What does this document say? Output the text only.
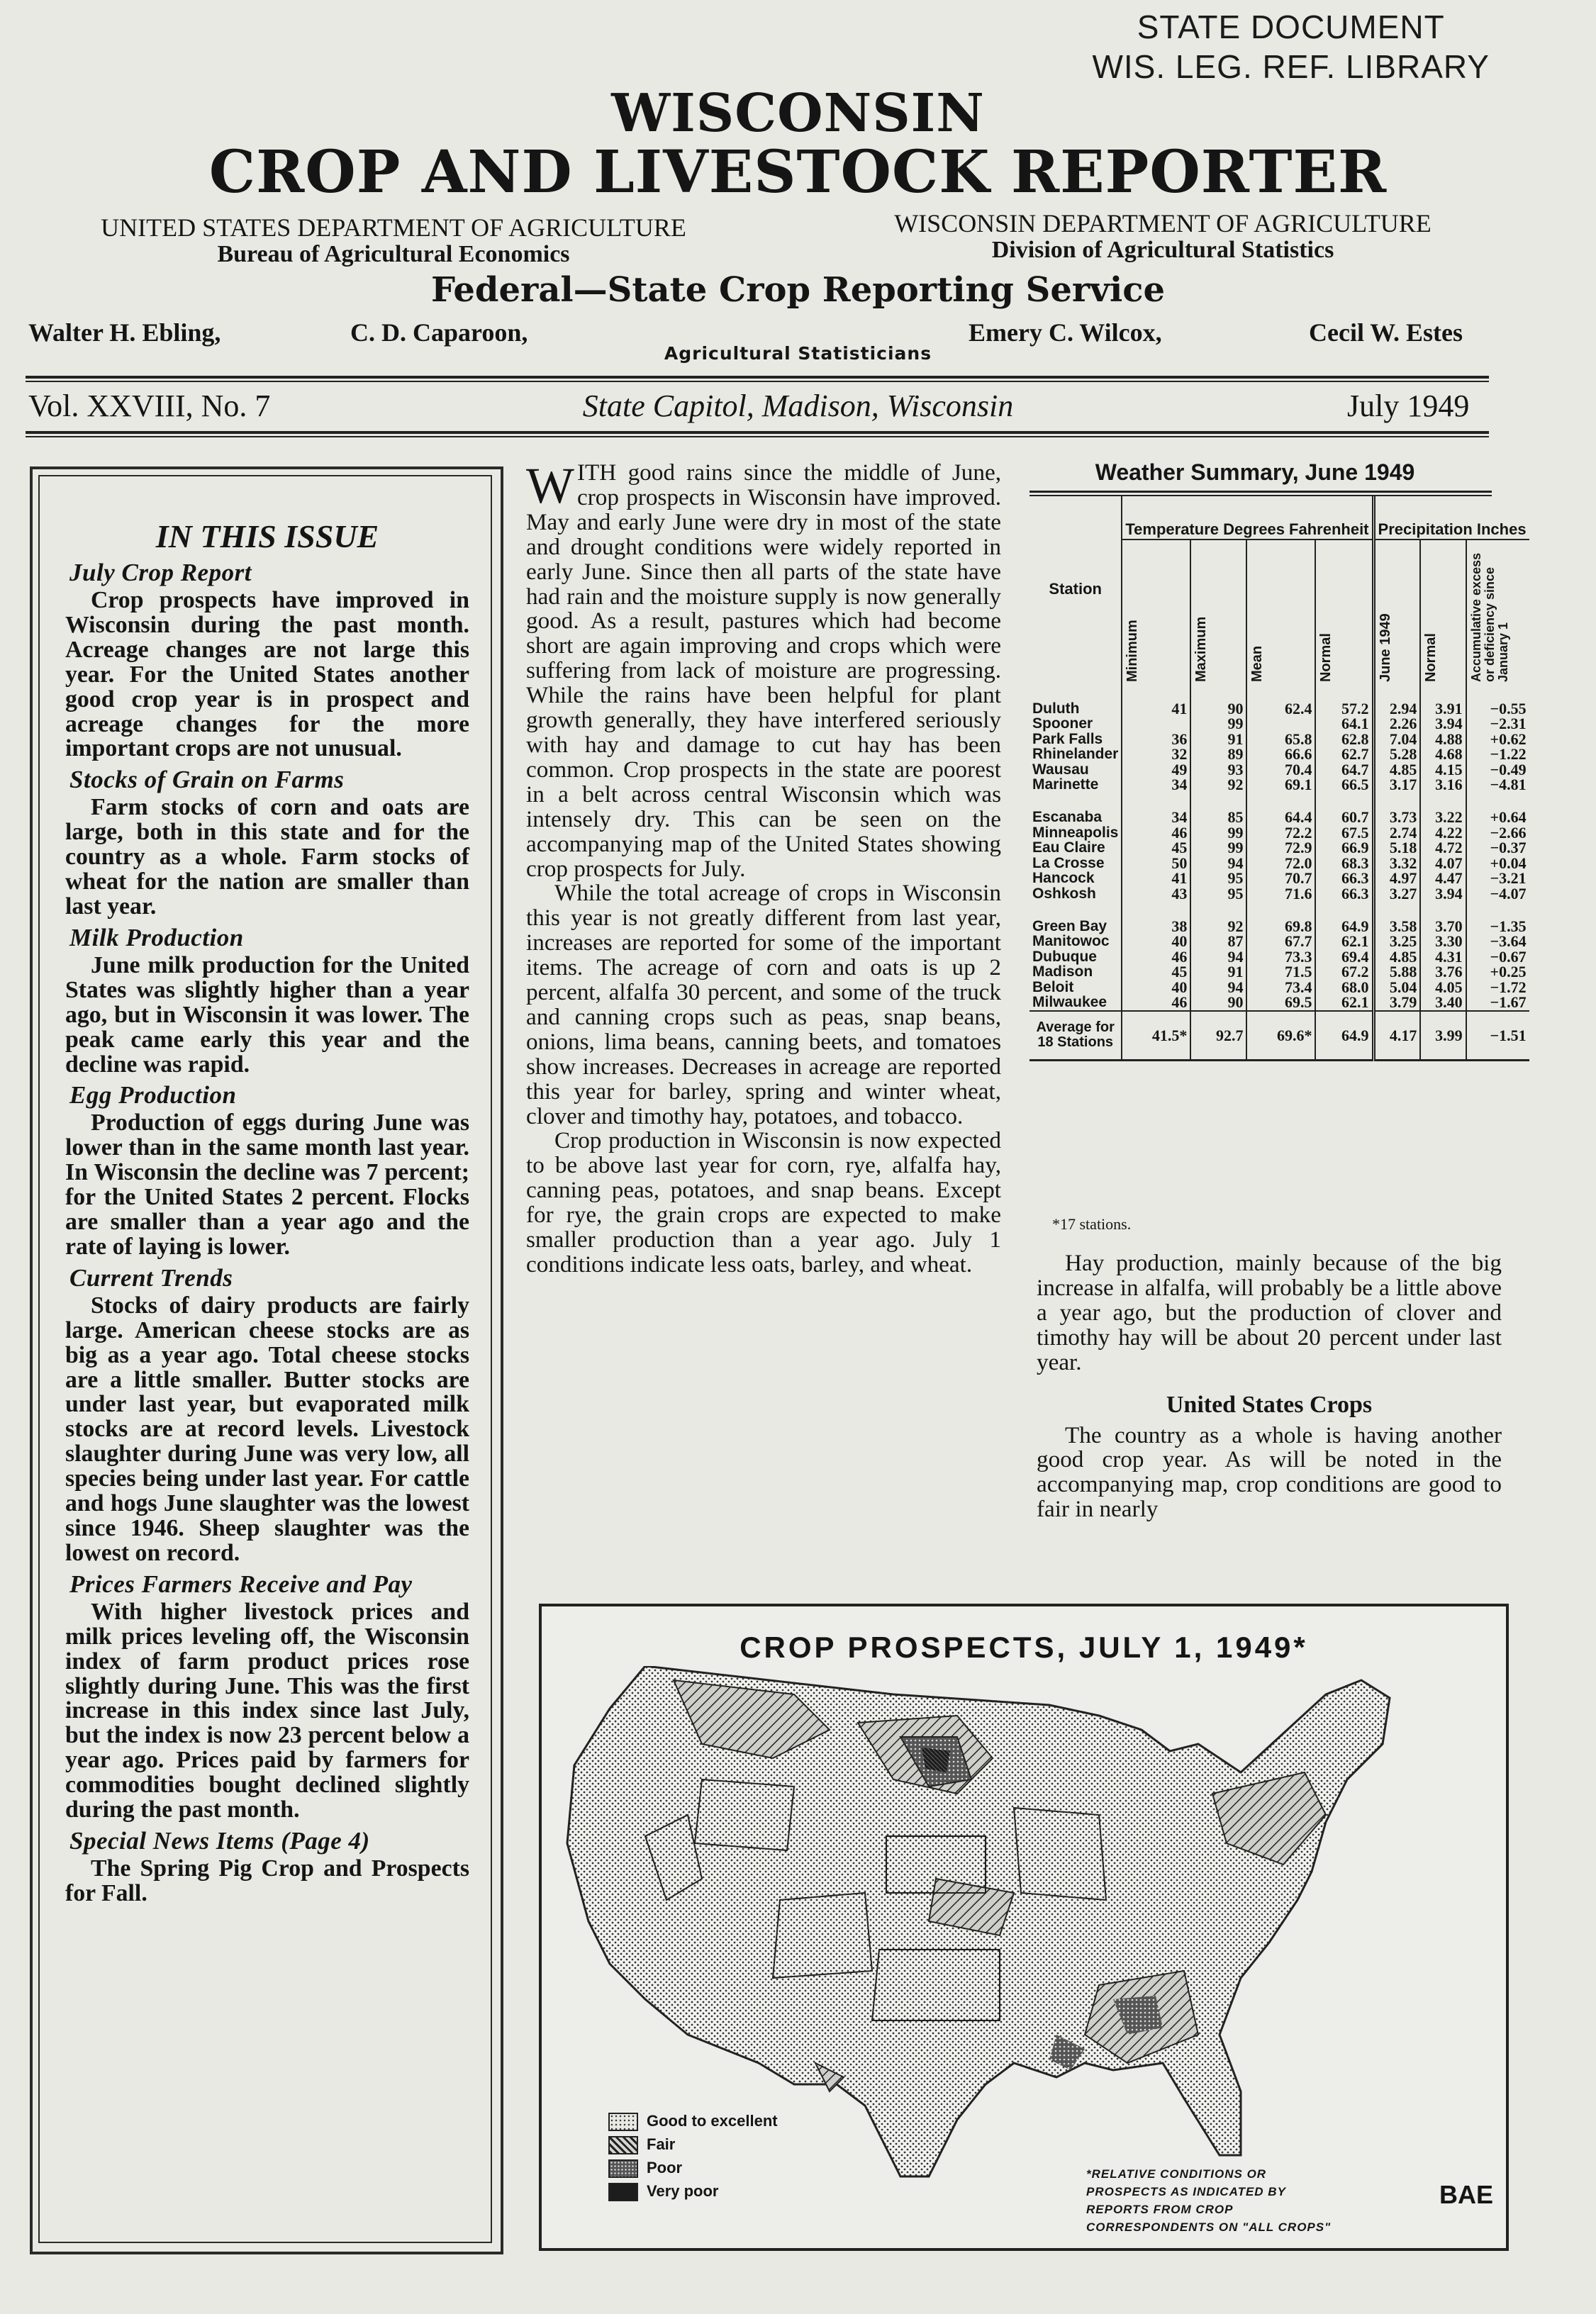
STATE DOCUMENT
WIS. LEG. REF. LIBRARY
WISCONSIN
CROP AND LIVESTOCK REPORTER
UNITED STATES DEPARTMENT OF AGRICULTURE
Bureau of Agricultural Economics
WISCONSIN DEPARTMENT OF AGRICULTURE
Division of Agricultural Statistics
Federal—State Crop Reporting Service
Walter H. Ebling,	C. D. Caparoon,	Emery C. Wilcox,	Cecil W. Estes
Agricultural Statisticians
Vol. XXVIII, No. 7	State Capitol, Madison, Wisconsin	July 1949
IN THIS ISSUE
July Crop Report

Crop prospects have improved in Wisconsin during the past month. Acreage changes are not large this year. For the United States another good crop year is in prospect and acreage changes for the more important crops are not unusual.

Stocks of Grain on Farms

Farm stocks of corn and oats are large, both in this state and for the country as a whole. Farm stocks of wheat for the nation are smaller than last year.

Milk Production

June milk production for the United States was slightly higher than a year ago, but in Wisconsin it was lower. The peak came early this year and the decline was rapid.

Egg Production

Production of eggs during June was lower than in the same month last year. In Wisconsin the decline was 7 percent; for the United States 2 percent. Flocks are smaller than a year ago and the rate of laying is lower.

Current Trends

Stocks of dairy products are fairly large. American cheese stocks are as big as a year ago. Total cheese stocks are a little smaller. Butter stocks are under last year, but evaporated milk stocks are at record levels. Livestock slaughter during June was very low, all species being under last year. For cattle and hogs June slaughter was the lowest since 1946. Sheep slaughter was the lowest on record.

Prices Farmers Receive and Pay

With higher livestock prices and milk prices leveling off, the Wisconsin index of farm product prices rose slightly during June. This was the first increase in this index since last July, but the index is now 23 percent below a year ago. Prices paid by farmers for commodities bought declined slightly during the past month.

Special News Items (Page 4)

The Spring Pig Crop and Prospects for Fall.

WITH good rains since the middle of June, crop prospects in Wisconsin have improved. May and early June were dry in most of the state and drought conditions were widely reported in early June. Since then all parts of the state have had rain and the moisture supply is now generally good. As a result, pastures which had become short are again improving and crops which were suffering from lack of moisture are progressing. While the rains have been helpful for plant growth generally, they have interfered seriously with hay and damage to cut hay has been common. Crop prospects in the state are poorest in a belt across central Wisconsin which was intensely dry. This can be seen on the accompanying map of the United States showing crop prospects for July.

While the total acreage of crops in Wisconsin this year is not greatly different from last year, increases are reported for some of the important items. The acreage of corn and oats is up 2 percent, alfalfa 30 percent, and some of the truck and canning crops such as peas, snap beans, onions, lima beans, canning beets, and tomatoes show increases. Decreases in acreage are reported this year for barley, spring and winter wheat, clover and timothy hay, potatoes, and tobacco.

Crop production in Wisconsin is now expected to be above last year for corn, rye, alfalfa hay, canning peas, potatoes, and snap beans. Except for rye, the grain crops are expected to make smaller production than a year ago. July 1 conditions indicate less oats, barley, and wheat.

Weather Summary, June 1949
Station	Temperature Degrees Fahrenheit				Precipitation Inches		

	Minimum	Maximum	Mean	Normal	June 1949	Normal	Accumulative excess or deficiency since January 1

Duluth	41	90	62.4	57.2	2.94	3.91	−0.55
Spooner		99		64.1	2.26	3.94	−2.31
Park Falls	36	91	65.8	62.8	7.04	4.88	+0.62
Rhinelander	32	89	66.6	62.7	5.28	4.68	−1.22
Wausau	49	93	70.4	64.7	4.85	4.15	−0.49
Marinette	34	92	69.1	66.5	3.17	3.16	−4.81
Escanaba	34	85	64.4	60.7	3.73	3.22	+0.64
Minneapolis	46	99	72.2	67.5	2.74	4.22	−2.66
Eau Claire	45	99	72.9	66.9	5.18	4.72	−0.37
La Crosse	50	94	72.0	68.3	3.32	4.07	+0.04
Hancock	41	95	70.7	66.3	4.97	4.47	−3.21
Oshkosh	43	95	71.6	66.3	3.27	3.94	−4.07
Green Bay	38	92	69.8	64.9	3.58	3.70	−1.35
Manitowoc	40	87	67.7	62.1	3.25	3.30	−3.64
Dubuque	46	94	73.3	69.4	4.85	4.31	−0.67
Madison	45	91	71.5	67.2	5.88	3.76	+0.25
Beloit	40	94	73.4	68.0	5.04	4.05	−1.72
Milwaukee	46	90	69.5	62.1	3.79	3.40	−1.67
Average for 18 Stations	41.5*	92.7	69.6*	64.9	4.17	3.99	−1.51
*17 stations.

Hay production, mainly because of the big increase in alfalfa, will probably be a little above a year ago, but the production of clover and timothy hay will be about 20 percent under last year.

United States Crops

The country as a whole is having another good crop year. As will be noted in the accompanying map, crop conditions are good to fair in nearly

CROP PROSPECTS, JULY 1, 1949*
Good to excellent
Fair
Poor
Very poor
*RELATIVE CONDITIONS OR PROSPECTS AS INDICATED BY REPORTS FROM CROP CORRESPONDENTS ON "ALL CROPS"
BAE
